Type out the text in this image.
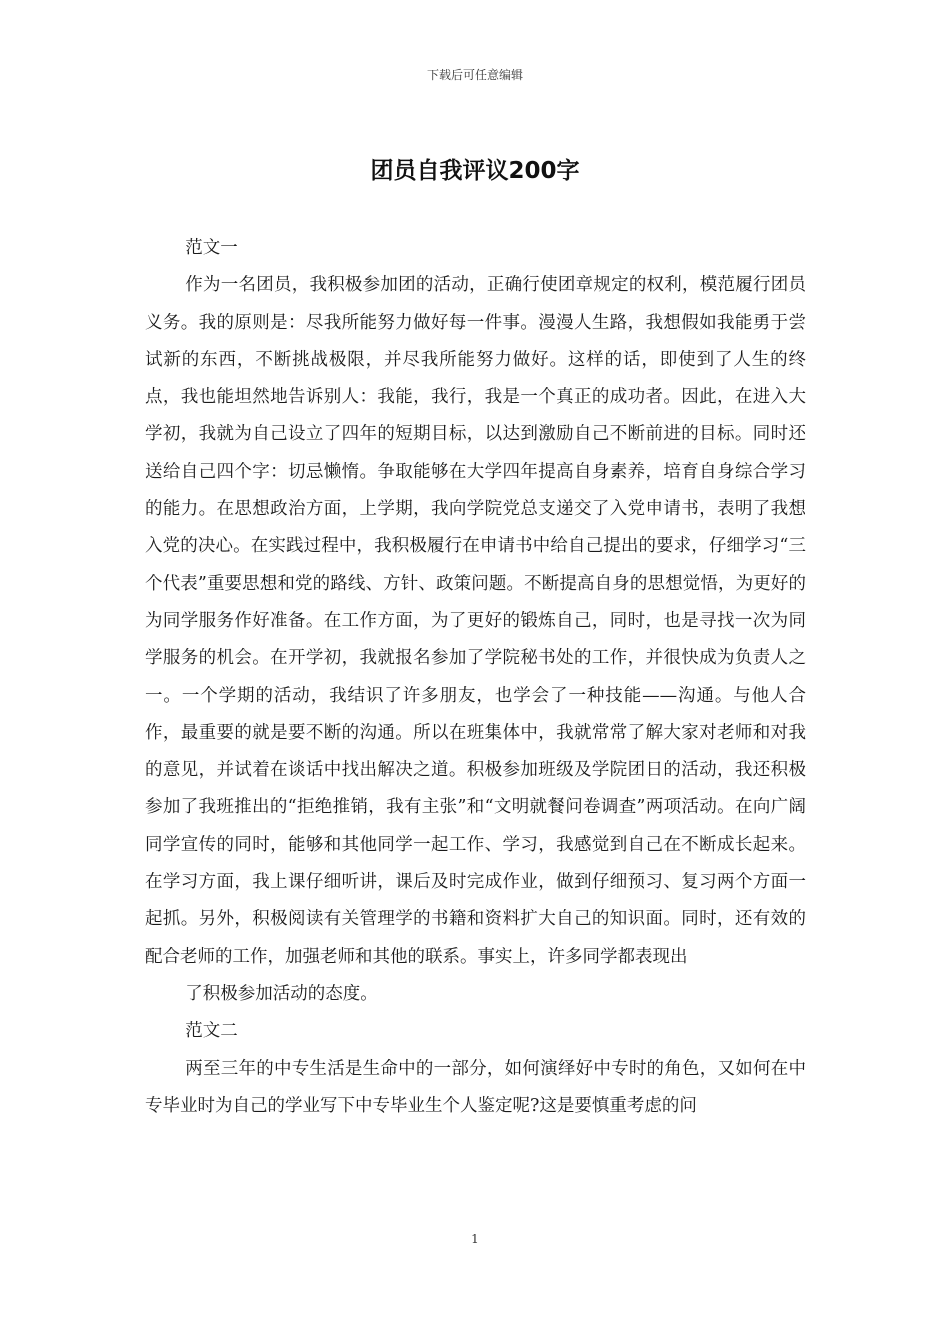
下载后可任意编辑
团员自我评议200字

范文一

作为一名团员，我积极参加团的活动，正确行使团章规定的权利，模范履行团员义务。我的原则是：尽我所能努力做好每一件事。漫漫人生路，我想假如我能勇于尝试新的东西，不断挑战极限，并尽我所能努力做好。这样的话，即使到了人生的终点，我也能坦然地告诉别人：我能，我行，我是一个真正的成功者。因此，在进入大学初，我就为自己设立了四年的短期目标，以达到激励自己不断前进的目标。同时还送给自己四个字：切忌懒惰。争取能够在大学四年提高自身素养，培育自身综合学习的能力。在思想政治方面，上学期，我向学院党总支递交了入党申请书，表明了我想入党的决心。在实践过程中，我积极履行在申请书中给自己提出的要求，仔细学习“三个代表”重要思想和党的路线、方针、政策问题。不断提高自身的思想觉悟，为更好的为同学服务作好准备。在工作方面，为了更好的锻炼自己，同时，也是寻找一次为同学服务的机会。在开学初，我就报名参加了学院秘书处的工作，并很快成为负责人之一。一个学期的活动，我结识了许多朋友，也学会了一种技能——沟通。与他人合作，最重要的就是要不断的沟通。所以在班集体中，我就常常了解大家对老师和对我的意见，并试着在谈话中找出解决之道。积极参加班级及学院团日的活动，我还积极参加了我班推出的“拒绝推销，我有主张”和“文明就餐问卷调查”两项活动。在向广阔同学宣传的同时，能够和其他同学一起工作、学习，我感觉到自己在不断成长起来。在学习方面，我上课仔细听讲，课后及时完成作业，做到仔细预习、复习两个方面一起抓。另外，积极阅读有关管理学的书籍和资料扩大自己的知识面。同时，还有效的配合老师的工作，加强老师和其他的联系。事实上，许多同学都表现出

了积极参加活动的态度。

范文二

两至三年的中专生活是生命中的一部分，如何演绎好中专时的角色，又如何在中专毕业时为自己的学业写下中专毕业生个人鉴定呢?这是要慎重考虑的问

1
